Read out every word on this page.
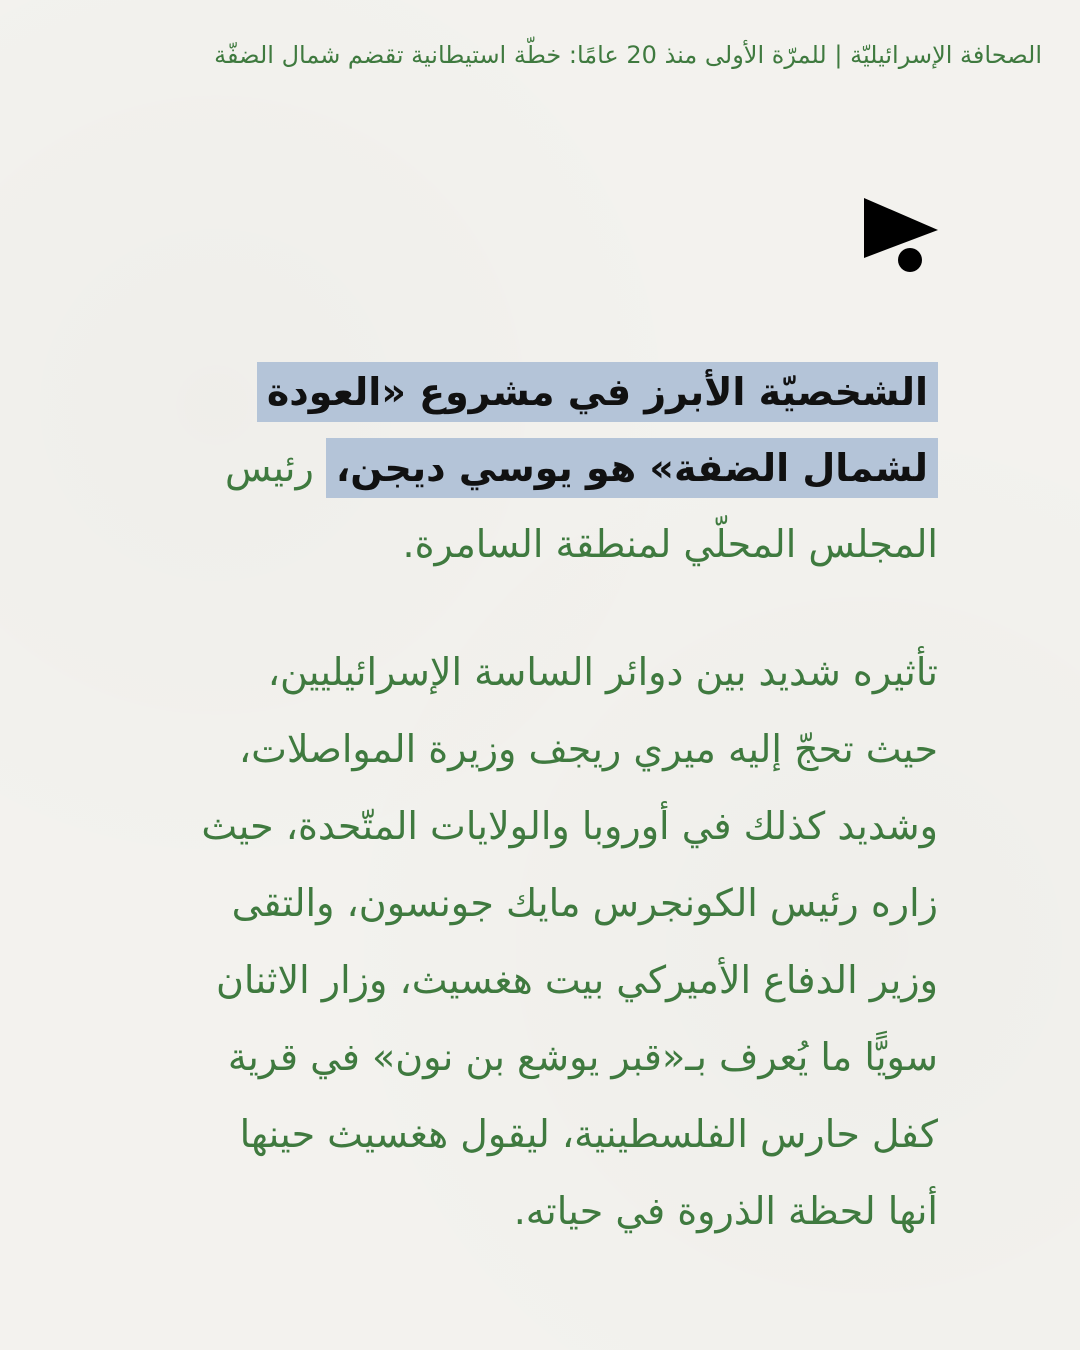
الصحافة الإسرائيليّة | للمرّة الأولى منذ 20 عامًا: خطّة استيطانية تقضم شمال الضفّة

الشخصيّة الأبرز في مشروع «العودة لشمال الضفة» هو يوسي ديجن، رئيس المجلس المحلّي لمنطقة السامرة.

تأثيره شديد بين دوائر الساسة الإسرائيليين، حيث تحجّ إليه ميري ريجف وزيرة المواصلات، وشديد كذلك في أوروبا والولايات المتّحدة، حيث زاره رئيس الكونجرس مايك جونسون، والتقى وزير الدفاع الأميركي بيت هغسيث، وزار الاثنان سويًّا ما يُعرف بـ«قبر يوشع بن نون» في قرية كفل حارس الفلسطينية، ليقول هغسيث حينها أنها لحظة الذروة في حياته.
